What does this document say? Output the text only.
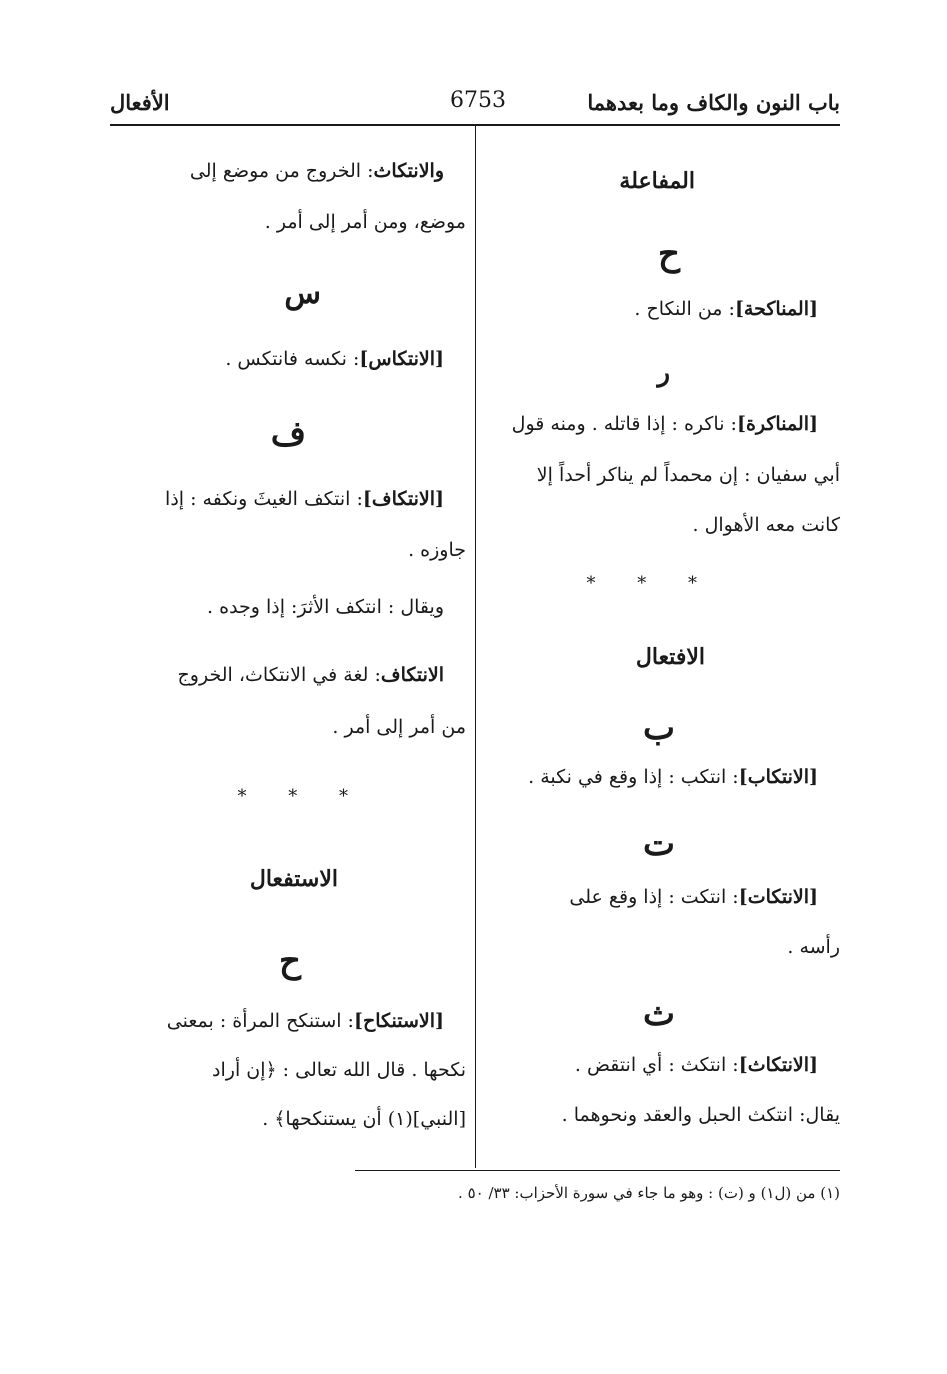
باب النون والكاف وما بعدهما
6753
الأفعال
المفاعلة
ح
[المناكحة]: من النكاح .
ر
[المناكرة]: ناكره : إذا قاتله . ومنه قول
أبي سفيان : إن محمداً لم يناكر أحداً إلا
كانت معه الأهوال .
* * *
الافتعال
ب
[الانتكاب]: انتكب : إذا وقع في نكبة .
ت
[الانتكات]: انتكت : إذا وقع على
رأسه .
ث
[الانتكاث]: انتكث : أي انتقض .
يقال: انتكث الحبل والعقد ونحوهما .
والانتكاث: الخروج من موضع إلى
موضع، ومن أمر إلى أمر .
س
[الانتكاس]: نكسه فانتكس .
ف
[الانتكاف]: انتكف الغيثَ ونكفه : إذا
جاوزه .
ويقال : انتكف الأثرَ: إذا وجده .
الانتكاف: لغة في الانتكاث، الخروج
من أمر إلى أمر .
* * *
الاستفعال
ح
[الاستنكاح]: استنكح المرأة : بمعنى
نكحها . قال الله تعالى : ﴿إن أراد
[النبي](١) أن يستنكحها﴾ .
(١) من (ل١) و (ت) : وهو ما جاء في سورة الأحزاب: ٣٣/ ٥٠ .
